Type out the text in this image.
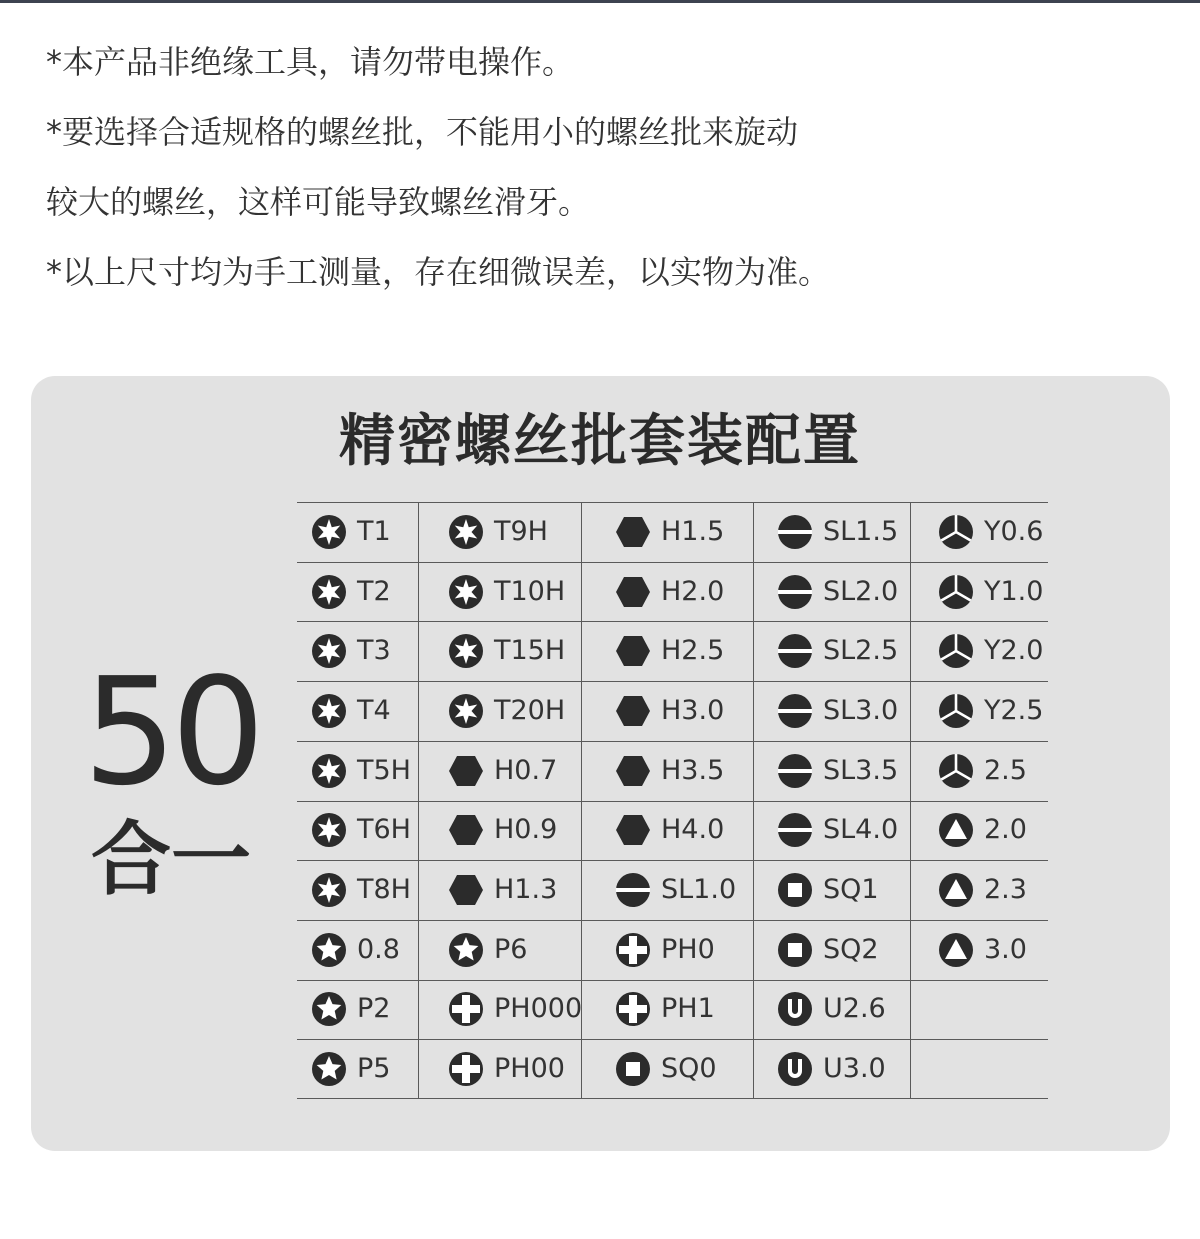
*本产品非绝缘工具，请勿带电操作。
*要选择合适规格的螺丝批，不能用小的螺丝批来旋动
较大的螺丝，这样可能导致螺丝滑牙。
*以上尺寸均为手工测量，存在细微误差，以实物为准。
精密螺丝批套装配置
50
合一
T1
T2
T3
T4
T5H
T6H
T8H
0.8
P2
P5
T9H
T10H
T15H
T20H
H0.7
H0.9
H1.3
P6
PH000
PH00
H1.5
H2.0
H2.5
H3.0
H3.5
H4.0
SL1.0
PH0
PH1
SQ0
SL1.5
SL2.0
SL2.5
SL3.0
SL3.5
SL4.0
SQ1
SQ2
U2.6
U3.0
Y0.6
Y1.0
Y2.0
Y2.5
2.5
2.0
2.3
3.0
